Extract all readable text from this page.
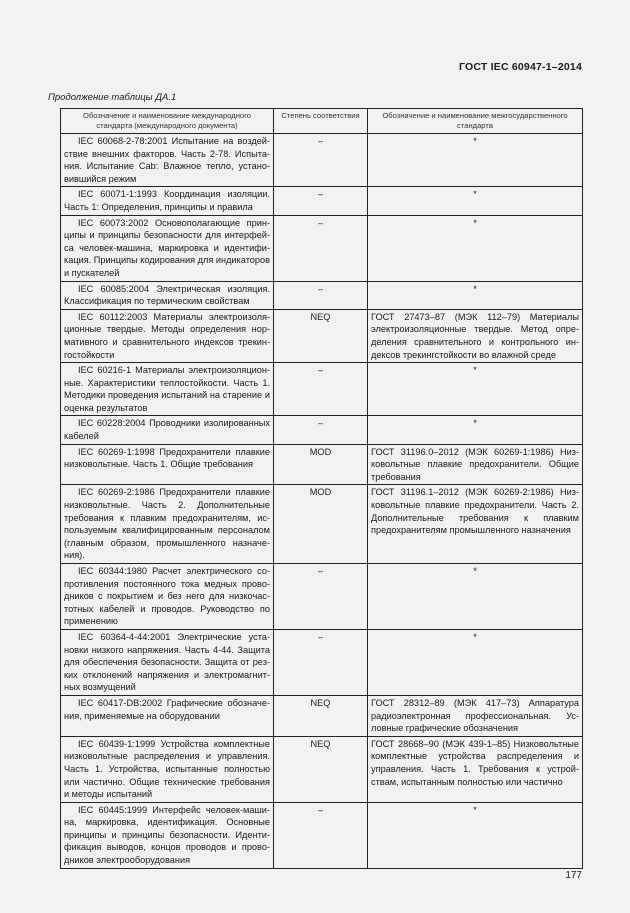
ГОСТ IEC 60947-1–2014
Продолжение таблицы ДА.1
Обозначение и наименование международного стандарта (международного документа)	Степень соответствия	Обозначение и наименование межгосударственного стандарта
IEC 60068-2-78:2001 Испытание на воздействие внешних факторов. Часть 2-78. Испытания. Испытание Cab: Влажное тепло, установившийся режим	–	*
IEC 60071-1:1993 Координация изоляции. Часть 1: Определения, принципы и правила	–	*
IEC 60073:2002 Основополагающие принципы и принципы безопасности для интерфейса человек-машина, маркировка и идентификация. Принципы кодирования для индикаторов и пускателей	–	*
IEC 60085:2004 Электрическая изоляция. Классификация по термическим свойствам	–	*
IEC 60112:2003 Материалы электроизоляционные твердые. Методы определения нормативного и сравнительного индексов трекингостойкости	NEQ	ГОСТ 27473–87 (МЭК 112–79) Материалы электроизоляционные твердые. Метод определения сравнительного и контрольного индексов трекингстойкости во влажной среде
IEC 60216-1 Материалы электроизоляционные. Характеристики теплостойкости. Часть 1. Методики проведения испытаний на старение и оценка результатов	–	*
IEC 60228:2004 Проводники изолированных кабелей	–	*
IEC 60269-1:1998 Предохранители плавкие низковольтные. Часть 1. Общие требования	MOD	ГОСТ 31196.0–2012 (МЭК 60269-1:1986) Низковольтные плавкие предохранители. Общие требования
IEC 60269-2:1986 Предохранители плавкие низковольтные. Часть 2. Дополнительные требования к плавким предохранителям, используемым квалифицированным персоналом (главным образом, промышленного назначения).	MOD	ГОСТ 31196.1–2012 (МЭК 60269-2:1986) Низковольтные плавкие предохранители. Часть 2. Дополнительные требования к плавким предохранителям промышленного назначения
IEC 60344:1980 Расчет электрического сопротивления постоянного тока медных проводников с покрытием и без него для низкочастотных кабелей и проводов. Руководство по применению	–	*
IEC 60364-4-44:2001 Электрические установки низкого напряжения. Часть 4-44. Защита для обеспечения безопасности. Защита от резких отклонений напряжения и электромагнитных возмущений	–	*
IEC 60417-DB:2002 Графические обозначения, применяемые на оборудовании	NEQ	ГОСТ 28312–89 (МЭК 417–73) Аппаратура радиоэлектронная профессиональная. Условные графические обозначения
IEC 60439-1:1999 Устройства комплектные низковольтные распределения и управления. Часть 1. Устройства, испытанные полностью или частично. Общие технические требования и методы испытаний	NEQ	ГОСТ 28668–90 (МЭК 439-1–85) Низковольтные комплектные устройства распределения и управления. Часть 1. Требования к устройствам, испытанным полностью или частично
IEC 60445:1999 Интерфейс человек-машина, маркировка, идентификация. Основные принципы и принципы безопасности. Идентификация выводов, концов проводов и проводников электрооборудования	–	*
177
